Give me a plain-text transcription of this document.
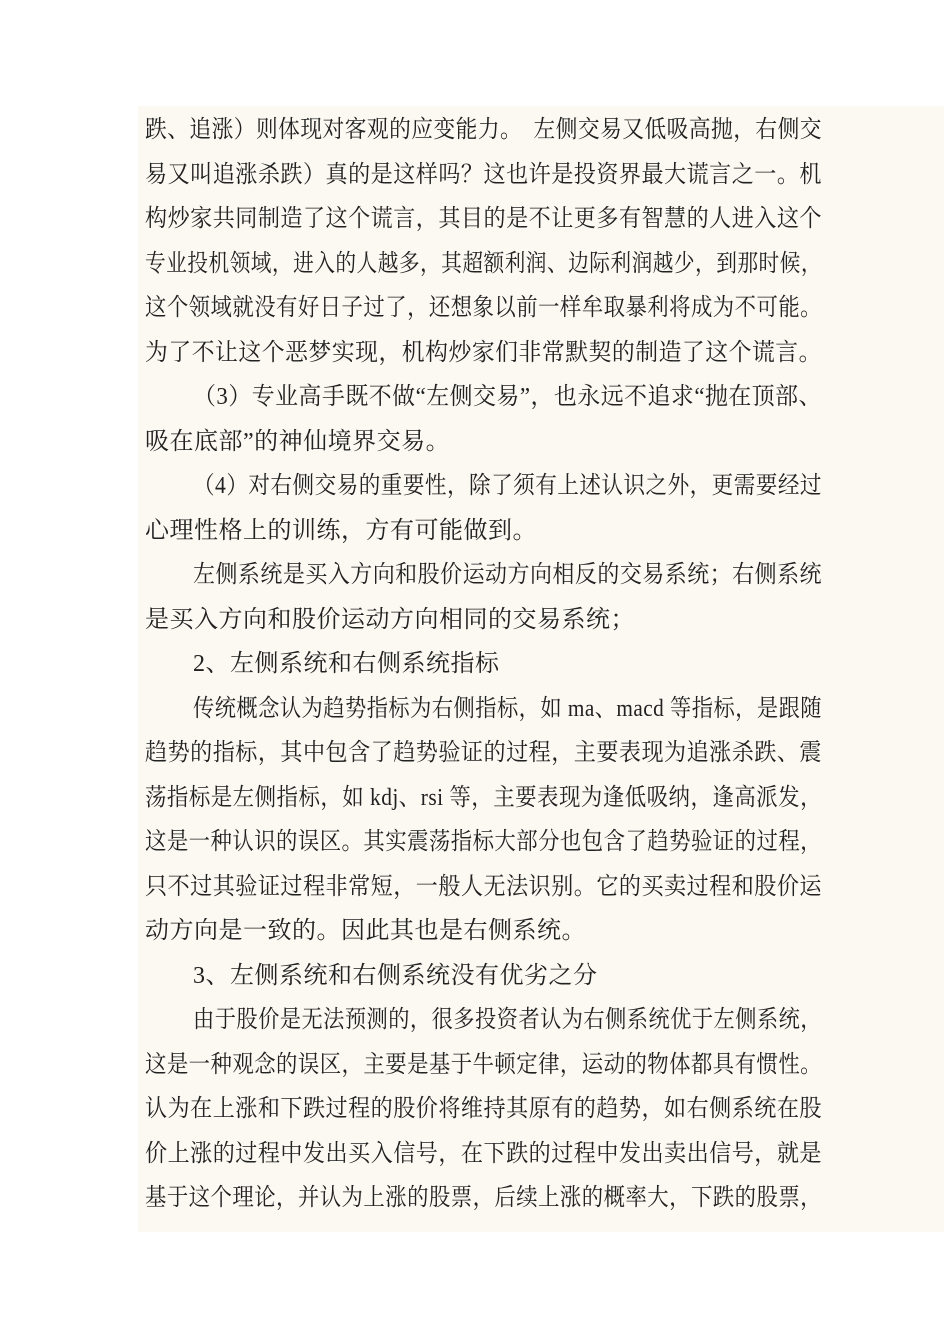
跌、追涨）则体现对客观的应变能力。　左侧交易又低吸高抛，右侧交
易又叫追涨杀跌）真的是这样吗？这也许是投资界最大谎言之一。机
构炒家共同制造了这个谎言，其目的是不让更多有智慧的人进入这个
专业投机领域，进入的人越多，其超额利润、边际利润越少，到那时候，
这个领域就没有好日子过了，还想象以前一样牟取暴利将成为不可能。
为了不让这个恶梦实现，机构炒家们非常默契的制造了这个谎言。
（3）专业高手既不做“左侧交易”，也永远不追求“抛在顶部、
吸在底部”的神仙境界交易。
（4）对右侧交易的重要性，除了须有上述认识之外，更需要经过
心理性格上的训练，方有可能做到。
左侧系统是买入方向和股价运动方向相反的交易系统；右侧系统
是买入方向和股价运动方向相同的交易系统；
2、左侧系统和右侧系统指标
传统概念认为趋势指标为右侧指标，如 ma、macd 等指标，是跟随
趋势的指标，其中包含了趋势验证的过程，主要表现为追涨杀跌、震
荡指标是左侧指标，如 kdj、rsi 等，主要表现为逢低吸纳，逢高派发，
这是一种认识的误区。其实震荡指标大部分也包含了趋势验证的过程，
只不过其验证过程非常短，一般人无法识别。它的买卖过程和股价运
动方向是一致的。因此其也是右侧系统。
3、左侧系统和右侧系统没有优劣之分
由于股价是无法预测的，很多投资者认为右侧系统优于左侧系统，
这是一种观念的误区，主要是基于牛顿定律，运动的物体都具有惯性。
认为在上涨和下跌过程的股价将维持其原有的趋势，如右侧系统在股
价上涨的过程中发出买入信号，在下跌的过程中发出卖出信号，就是
基于这个理论，并认为上涨的股票，后续上涨的概率大，下跌的股票，
